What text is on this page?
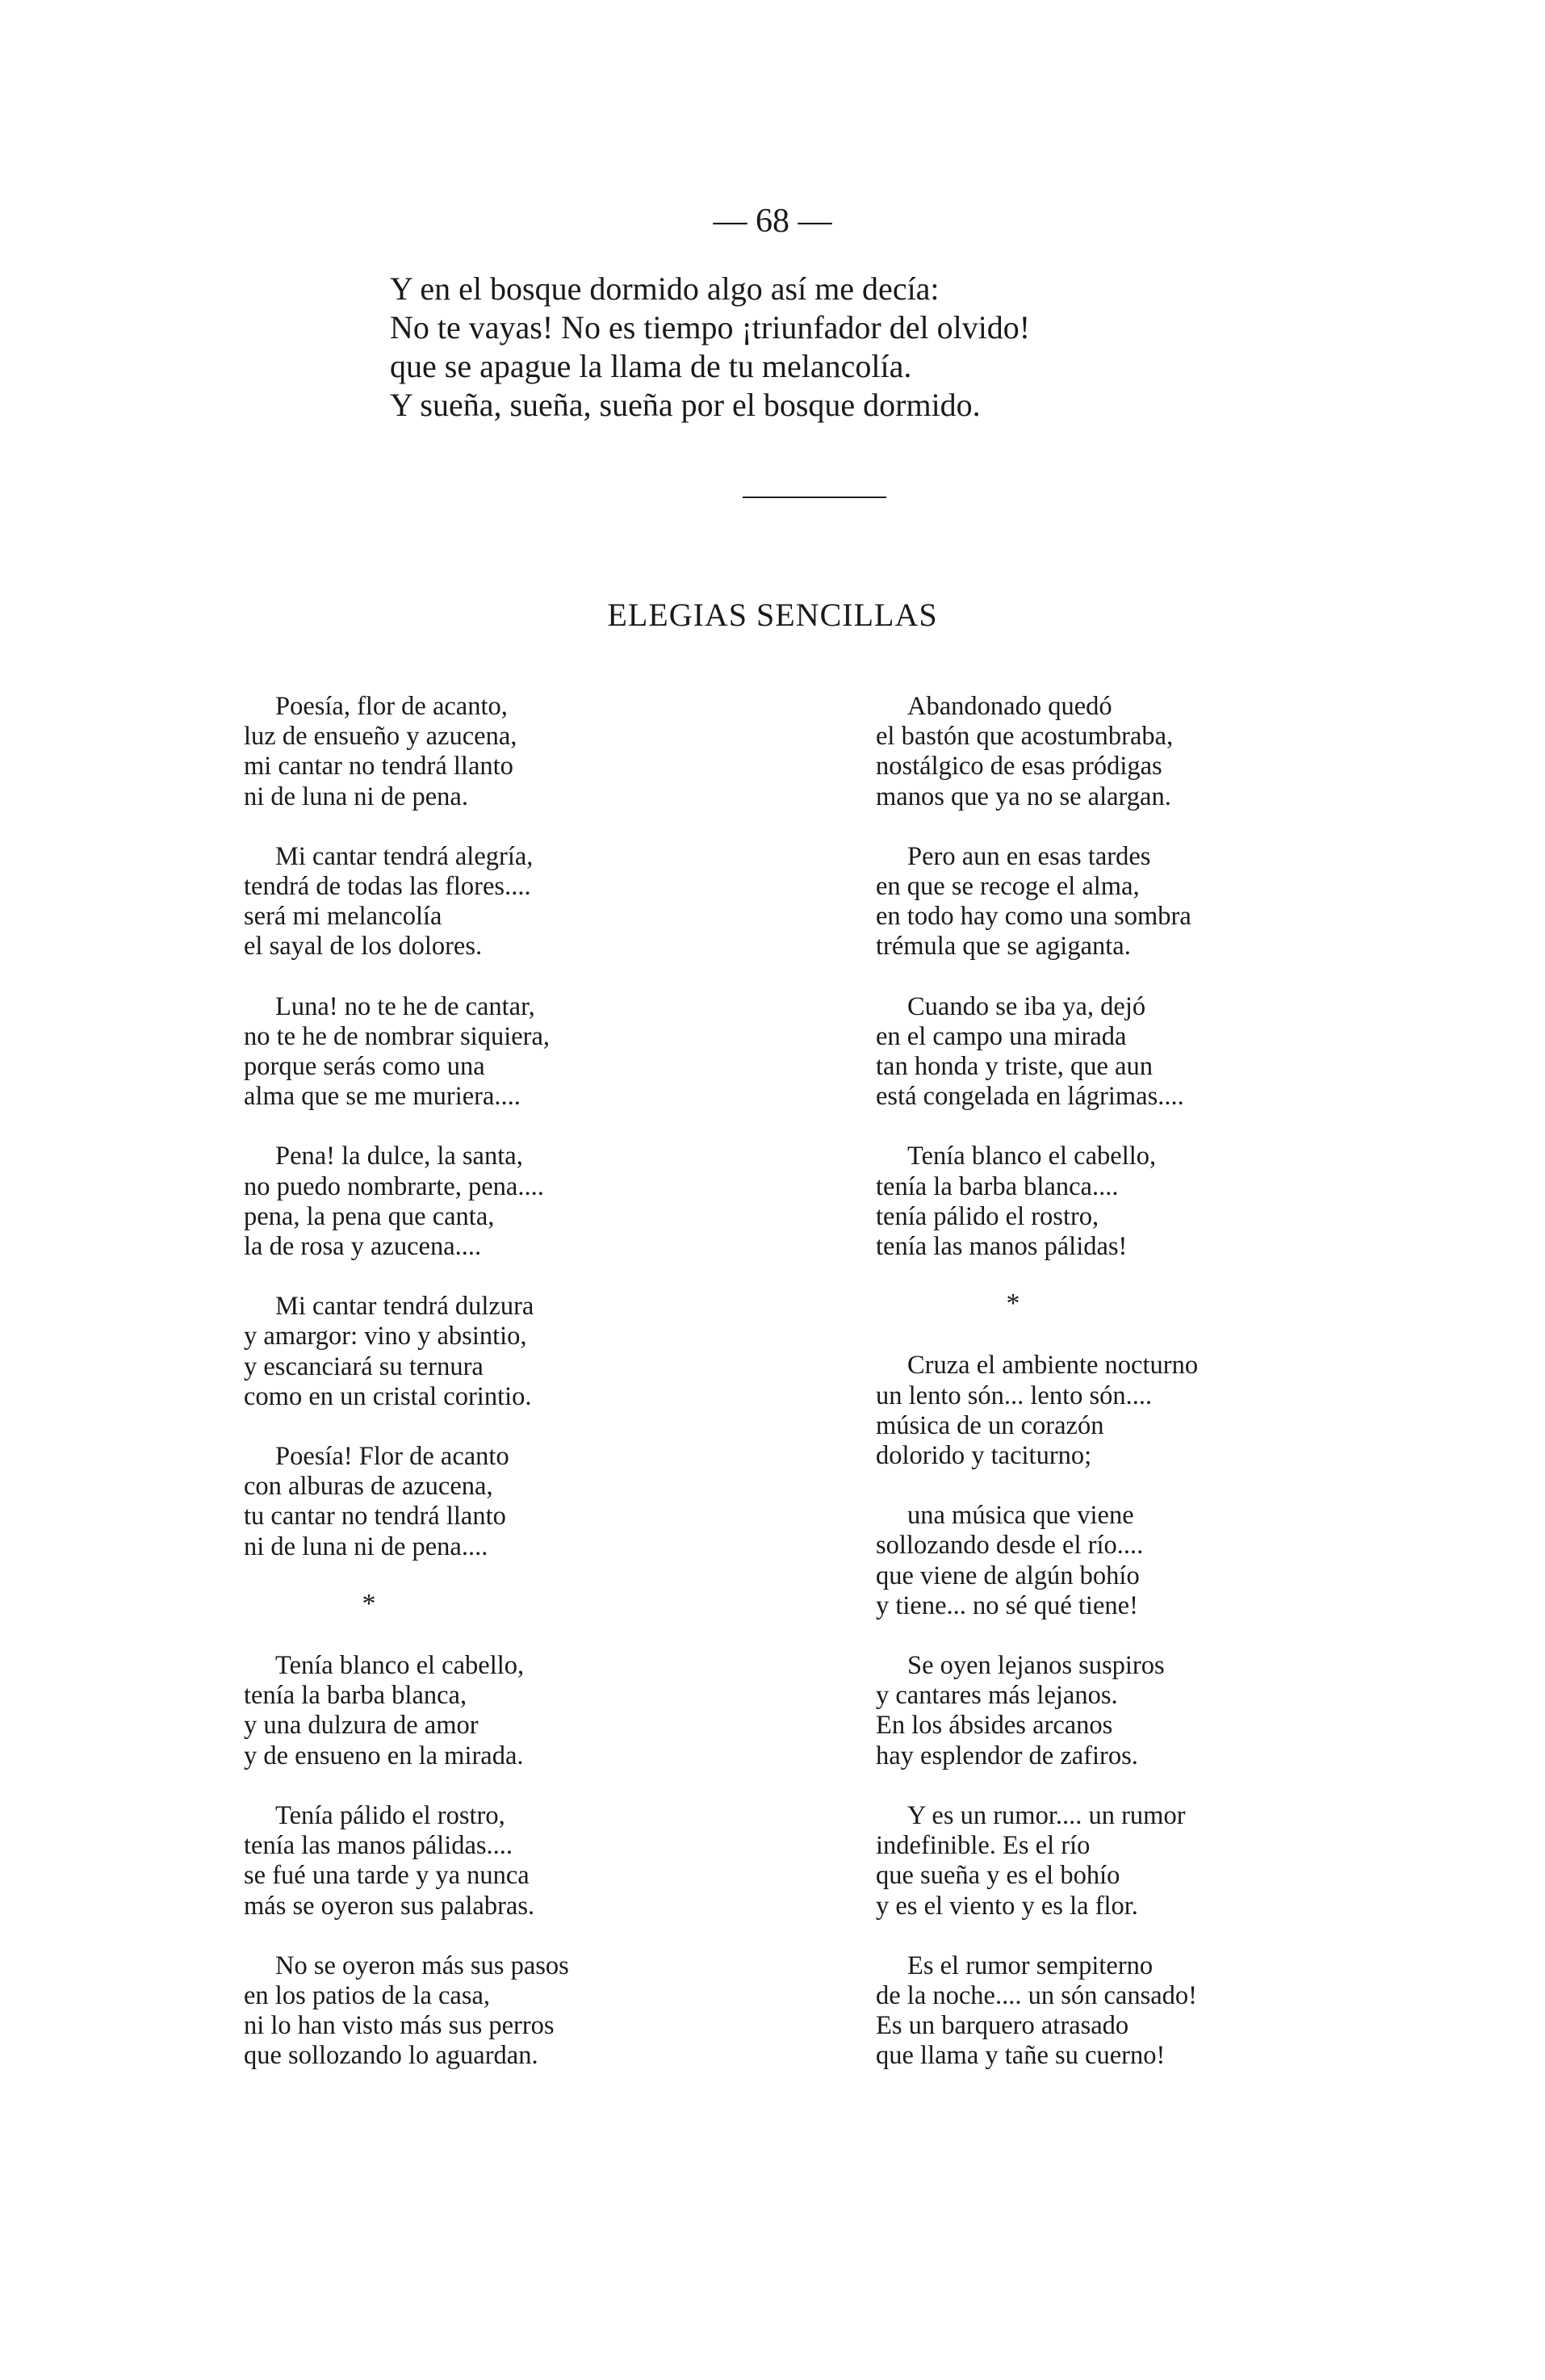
— 68 —
Y en el bosque dormido algo así me decía:
No te vayas! No es tiempo ¡triunfador del olvido!
que se apague la llama de tu melancolía.
Y sueña, sueña, sueña por el bosque dormido.
ELEGIAS SENCILLAS
Poesía, flor de acanto,
luz de ensueño y azucena,
mi cantar no tendrá llanto
ni de luna ni de pena.
Mi cantar tendrá alegría,
tendrá de todas las flores....
será mi melancolía
el sayal de los dolores.
Luna! no te he de cantar,
no te he de nombrar siquiera,
porque serás como una
alma que se me muriera....
Pena! la dulce, la santa,
no puedo nombrarte, pena....
pena, la pena que canta,
la de rosa y azucena....
Mi cantar tendrá dulzura
y amargor: vino y absintio,
y escanciará su ternura
como en un cristal corintio.
Poesía! Flor de acanto
con alburas de azucena,
tu cantar no tendrá llanto
ni de luna ni de pena....
*
Tenía blanco el cabello,
tenía la barba blanca,
y una dulzura de amor
y de ensueno en la mirada.
Tenía pálido el rostro,
tenía las manos pálidas....
se fué una tarde y ya nunca
más se oyeron sus palabras.
No se oyeron más sus pasos
en los patios de la casa,
ni lo han visto más sus perros
que sollozando lo aguardan.
Abandonado quedó
el bastón que acostumbraba,
nostálgico de esas pródigas
manos que ya no se alargan.
Pero aun en esas tardes
en que se recoge el alma,
en todo hay como una sombra
trémula que se agiganta.
Cuando se iba ya, dejó
en el campo una mirada
tan honda y triste, que aun
está congelada en lágrimas....
Tenía blanco el cabello,
tenía la barba blanca....
tenía pálido el rostro,
tenía las manos pálidas!
*
Cruza el ambiente nocturno
un lento són... lento són....
música de un corazón
dolorido y taciturno;
una música que viene
sollozando desde el río....
que viene de algún bohío
y tiene... no sé qué tiene!
Se oyen lejanos suspiros
y cantares más lejanos.
En los ábsides arcanos
hay esplendor de zafiros.
Y es un rumor.... un rumor
indefinible. Es el río
que sueña y es el bohío
y es el viento y es la flor.
Es el rumor sempiterno
de la noche.... un són cansado!
Es un barquero atrasado
que llama y tañe su cuerno!
